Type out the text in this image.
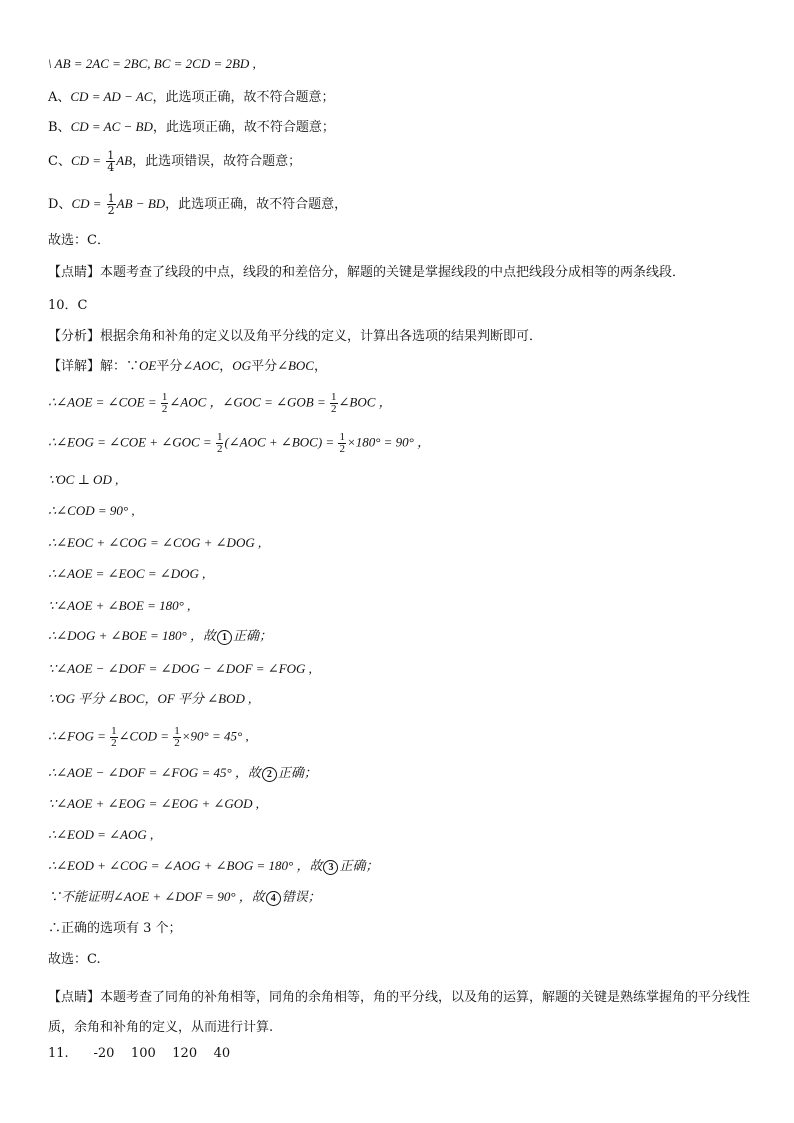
\ AB = 2AC = 2BC, BC = 2CD = 2BD ,
A、CD = AD − AC，此选项正确，故不符合题意；
B、CD = AC − BD，此选项正确，故不符合题意；
C、CD = $\frac{1}{4}$ AB，此选项错误，故符合题意；
D、CD = $\frac{1}{2}$ AB − BD，此选项正确，故不符合题意，
故选：C．
【点睛】本题考查了线段的中点，线段的和差倍分，解题的关键是掌握线段的中点把线段分成相等的两条线段．
10．C
【分析】根据余角和补角的定义以及角平分线的定义，计算出各选项的结果判断即可．
【详解】解：∵OE平分∠AOC，OG平分∠BOC，
∴∠AOE = ∠COE = $\frac{1}{2}$ ∠AOC ，∠GOC = ∠GOB = $\frac{1}{2}$ ∠BOC ，
∴∠EOG = ∠COE + ∠GOC = $\frac{1}{2}$ (∠AOC + ∠BOC) = $\frac{1}{2} \times 180^\circ = 90^\circ$ ，
∵OC ⊥ OD ,
∴∠COD = 90° ,
∴∠EOC + ∠COG = ∠COG + ∠DOG ,
∴∠AOE = ∠EOC = ∠DOG ,
∵∠AOE + ∠BOE = 180° ,
∴∠DOG + ∠BOE = 180° ，故 1 正确；
∵∠AOE − ∠DOF = ∠DOG − ∠DOF = ∠FOG ,
∵OG 平分 ∠BOC，OF 平分 ∠BOD ,
∴∠FOG = $\frac{1}{2}$ ∠COD = $\frac{1}{2} \times 90^\circ = 45^\circ$ ,
∴∠AOE − ∠DOF = ∠FOG = 45° ，故 2 正确；
∵∠AOE + ∠EOG = ∠EOG + ∠GOD ,
∴∠EOD = ∠AOG ,
∴∠EOD + ∠COG = ∠AOG + ∠BOG = 180° ，故 3 正确；
∵不能证明∠AOE + ∠DOF = 90° ，故 4 错误；
∴正确的选项有 3 个；
故选：C.
【点睛】本题考查了同角的补角相等，同角的余角相等，角的平分线，以及角的运算，解题的关键是熟练掌握角的平分线性质，余角和补角的定义，从而进行计算.
11.      -20    100    120    40
